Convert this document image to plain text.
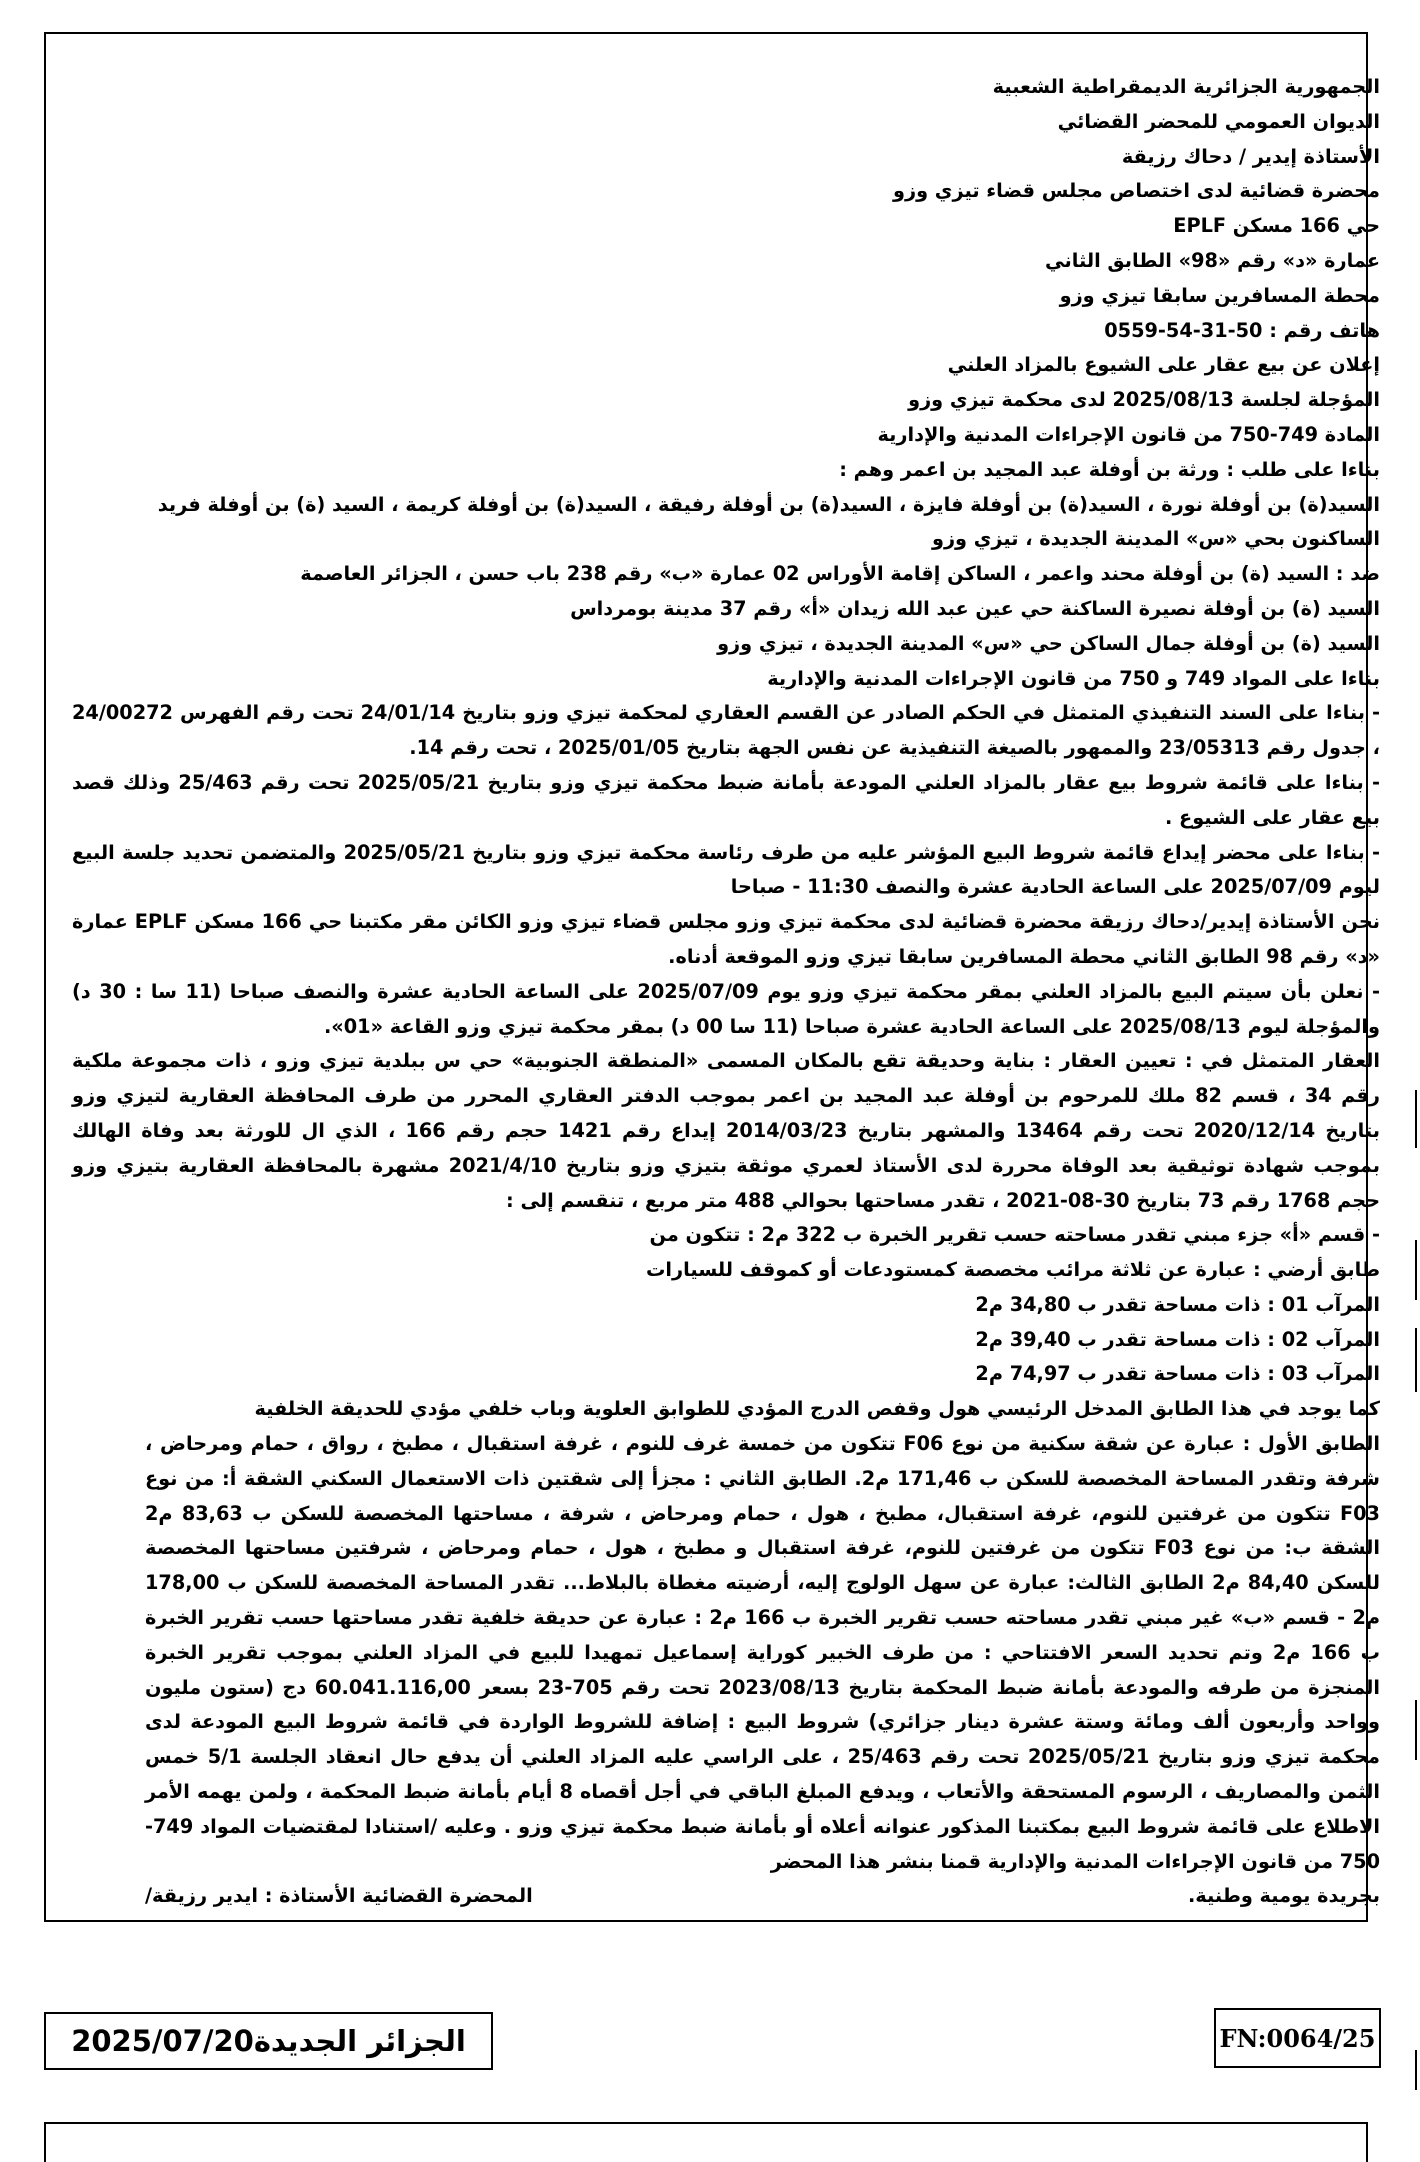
الجمهورية الجزائرية الديمقراطية الشعبية

الديوان العمومي للمحضر القضائي

الأستاذة إيدير / دحاك رزيقة

محضرة قضائية لدى اختصاص مجلس قضاء تيزي وزو

حي 166 مسكن EPLF

عمارة «د» رقم «98» الطابق الثاني

محطة المسافرين سابقا تيزي وزو

هاتف رقم : 50-31-54-0559

إعلان عن بيع عقار على الشيوع بالمزاد العلني

المؤجلة لجلسة 2025/08/13 لدى محكمة تيزي وزو

المادة 749-750 من قانون الإجراءات المدنية والإدارية

بناءا على طلب : ورثة بن أوفلة عبد المجيد بن اعمر وهم :

السيد(ة) بن أوفلة نورة ، السيد(ة) بن أوفلة فايزة ، السيد(ة) بن أوفلة رفيقة ، السيد(ة) بن أوفلة كريمة ، السيد (ة) بن أوفلة فريد

الساكنون بحي «س» المدينة الجديدة ، تيزي وزو

ضد : السيد (ة) بن أوفلة محند واعمر ، الساكن إقامة الأوراس 02 عمارة «ب» رقم 238 باب حسن ، الجزائر العاصمة

السيد (ة) بن أوفلة نصيرة الساكنة حي عين عبد الله زيدان «أ» رقم 37 مدينة بومرداس

السيد (ة) بن أوفلة جمال الساكن حي «س» المدينة الجديدة ، تيزي وزو

بناءا على المواد 749 و 750 من قانون الإجراءات المدنية والإدارية

- بناءا على السند التنفيذي المتمثل في الحكم الصادر عن القسم العقاري لمحكمة تيزي وزو بتاريخ 24/01/14 تحت رقم الفهرس 24/00272 ، جدول رقم 23/05313 والممهور بالصيغة التنفيذية عن نفس الجهة بتاريخ 2025/01/05 ، تحت رقم 14.

- بناءا على قائمة شروط بيع عقار بالمزاد العلني المودعة بأمانة ضبط محكمة تيزي وزو بتاريخ 2025/05/21 تحت رقم 25/463 وذلك قصد بيع عقار على الشيوع .

- بناءا على محضر إيداع قائمة شروط البيع المؤشر عليه من طرف رئاسة محكمة تيزي وزو بتاريخ 2025/05/21 والمتضمن تحديد جلسة البيع ليوم 2025/07/09 على الساعة الحادية عشرة والنصف 11:30 - صباحا

نحن الأستاذة إيدير/دحاك رزيقة محضرة قضائية لدى محكمة تيزي وزو مجلس قضاء تيزي وزو الكائن مقر مكتبنا حي 166 مسكن EPLF عمارة «د» رقم 98 الطابق الثاني محطة المسافرين سابقا تيزي وزو الموقعة أدناه.

- نعلن بأن سيتم البيع بالمزاد العلني بمقر محكمة تيزي وزو يوم 2025/07/09 على الساعة الحادية عشرة والنصف صباحا (11 سا : 30 د) والمؤجلة ليوم 2025/08/13 على الساعة الحادية عشرة صباحا (11 سا 00 د) بمقر محكمة تيزي وزو القاعة «01».

العقار المتمثل في : تعيين العقار : بناية وحديقة تقع بالمكان المسمى «المنطقة الجنوبية» حي س ببلدية تيزي وزو ، ذات مجموعة ملكية رقم 34 ، قسم 82 ملك للمرحوم بن أوفلة عبد المجيد بن اعمر بموجب الدفتر العقاري المحرر من طرف المحافظة العقارية لتيزي وزو بتاريخ 2020/12/14 تحت رقم 13464 والمشهر بتاريخ 2014/03/23 إيداع رقم 1421 حجم رقم 166 ، الذي ال للورثة بعد وفاة الهالك بموجب شهادة توثيقية بعد الوفاة محررة لدى الأستاذ لعمري موثقة بتيزي وزو بتاريخ 2021/4/10 مشهرة بالمحافظة العقارية بتيزي وزو حجم 1768 رقم 73 بتاريخ 30-08-2021 ، تقدر مساحتها بحوالي 488 متر مربع ، تنقسم إلى :

- قسم «أ» جزء مبني تقدر مساحته حسب تقرير الخبرة ب 322 م2 : تتكون من

طابق أرضي : عبارة عن ثلاثة مرائب مخصصة كمستودعات أو كموقف للسيارات

المرآب 01 : ذات مساحة تقدر ب 34,80 م2

المرآب 02 : ذات مساحة تقدر ب 39,40 م2

المرآب 03 : ذات مساحة تقدر ب 74,97 م2

كما يوجد في هذا الطابق المدخل الرئيسي هول وقفص الدرج المؤدي للطوابق العلوية وباب خلفي مؤدي للحديقة الخلفية

الطابق الأول : عبارة عن شقة سكنية من نوع F06 تتكون من خمسة غرف للنوم ، غرفة استقبال ، مطبخ ، رواق ، حمام ومرحاض ، شرفة وتقدر المساحة المخصصة للسكن ب 171,46 م2. الطابق الثاني : مجزأ إلى شقتين ذات الاستعمال السكني الشقة أ: من نوع F03 تتكون من غرفتين للنوم، غرفة استقبال، مطبخ ، هول ، حمام ومرحاض ، شرفة ، مساحتها المخصصة للسكن ب 83,63 م2 الشقة ب: من نوع F03 تتكون من غرفتين للنوم، غرفة استقبال و مطبخ ، هول ، حمام ومرحاض ، شرفتين مساحتها المخصصة للسكن 84,40 م2 الطابق الثالث: عبارة عن سهل الولوج إليه، أرضيته مغطاة بالبلاط... تقدر المساحة المخصصة للسكن ب 178,00 م2 - قسم «ب» غير مبني تقدر مساحته حسب تقرير الخبرة ب 166 م2 : عبارة عن حديقة خلفية تقدر مساحتها حسب تقرير الخبرة ب 166 م2 وتم تحديد السعر الافتتاحي : من طرف الخبير كوراية إسماعيل تمهيدا للبيع في المزاد العلني بموجب تقرير الخبرة المنجزة من طرفه والمودعة بأمانة ضبط المحكمة بتاريخ 2023/08/13 تحت رقم 705-23 بسعر 60.041.116,00 دج (ستون مليون وواحد وأربعون ألف ومائة وستة عشرة دينار جزائري) شروط البيع : إضافة للشروط الواردة في قائمة شروط البيع المودعة لدى محكمة تيزي وزو بتاريخ 2025/05/21 تحت رقم 25/463 ، على الراسي عليه المزاد العلني أن يدفع حال انعقاد الجلسة 5/1 خمس الثمن والمصاريف ، الرسوم المستحقة والأتعاب ، ويدفع المبلغ الباقي في أجل أقصاه 8 أيام بأمانة ضبط المحكمة ، ولمن يهمه الأمر الاطلاع على قائمة شروط البيع بمكتبنا المذكور عنوانه أعلاه أو بأمانة ضبط محكمة تيزي وزو . وعليه /استنادا لمقتضيات المواد 749-750 من قانون الإجراءات المدنية والإدارية قمنا بنشر هذا المحضر

بجريدة يومية وطنية.
المحضرة القضائية الأستاذة : ايدير رزيقة/
الجزائر الجديدة2025/07/20	FN:0064/25
